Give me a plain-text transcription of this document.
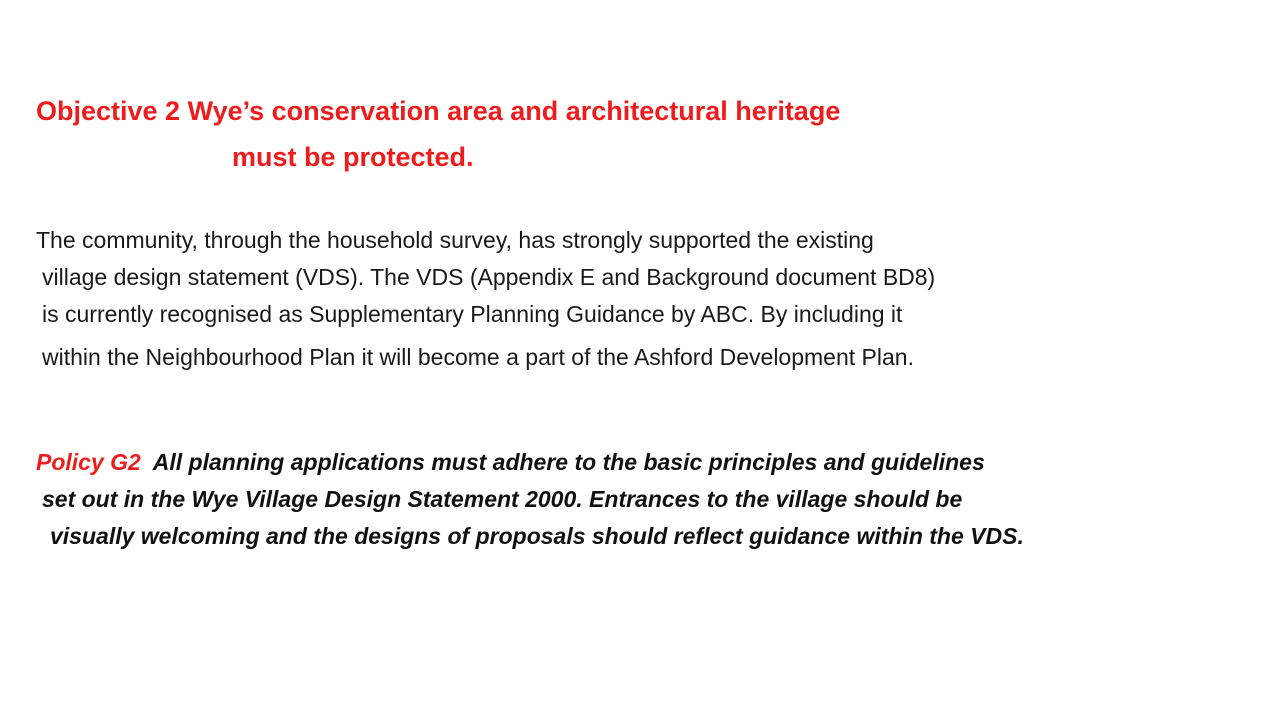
Objective 2 Wye’s conservation area and architectural heritage
must be protected.
The community, through the household survey, has strongly supported the existing
village design statement (VDS). The VDS (Appendix E and Background document BD8)
is currently recognised as Supplementary Planning Guidance by ABC. By including it
within the Neighbourhood Plan it will become a part of the Ashford Development Plan.
Policy G2  All planning applications must adhere to the basic principles and guidelines
set out in the Wye Village Design Statement 2000. Entrances to the village should be
visually welcoming and the designs of proposals should reflect guidance within the VDS.
